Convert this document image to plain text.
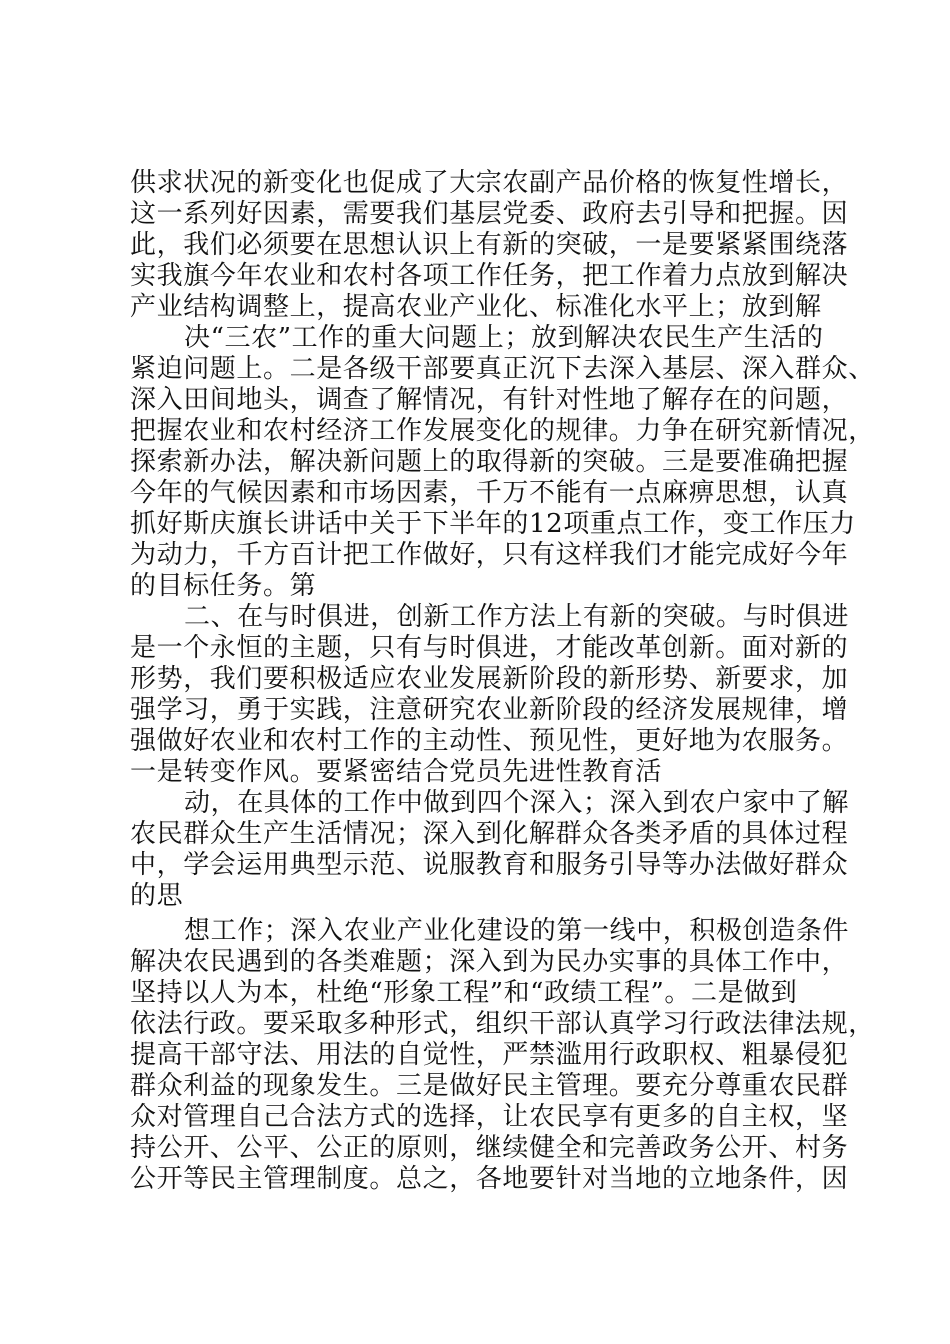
供求状况的新变化也促成了大宗农副产品价格的恢复性增长，
这一系列好因素，需要我们基层党委、政府去引导和把握。因
此，我们必须要在思想认识上有新的突破，一是要紧紧围绕落
实我旗今年农业和农村各项工作任务，把工作着力点放到解决
产业结构调整上，提高农业产业化、标准化水平上；放到解
决“三农”工作的重大问题上；放到解决农民生产生活的
紧迫问题上。二是各级干部要真正沉下去深入基层、深入群众、
深入田间地头，调查了解情况，有针对性地了解存在的问题，
把握农业和农村经济工作发展变化的规律。力争在研究新情况，
探索新办法，解决新问题上的取得新的突破。三是要准确把握
今年的气候因素和市场因素，千万不能有一点麻痹思想，认真
抓好斯庆旗长讲话中关于下半年的12项重点工作，变工作压力
为动力，千方百计把工作做好，只有这样我们才能完成好今年
的目标任务。第
二、在与时俱进，创新工作方法上有新的突破。与时俱进
是一个永恒的主题，只有与时俱进，才能改革创新。面对新的
形势，我们要积极适应农业发展新阶段的新形势、新要求，加
强学习，勇于实践，注意研究农业新阶段的经济发展规律，增
强做好农业和农村工作的主动性、预见性，更好地为农服务。
一是转变作风。要紧密结合党员先进性教育活
动，在具体的工作中做到四个深入；深入到农户家中了解
农民群众生产生活情况；深入到化解群众各类矛盾的具体过程
中，学会运用典型示范、说服教育和服务引导等办法做好群众
的思
想工作；深入农业产业化建设的第一线中，积极创造条件
解决农民遇到的各类难题；深入到为民办实事的具体工作中，
坚持以人为本，杜绝“形象工程”和“政绩工程”。二是做到
依法行政。要采取多种形式，组织干部认真学习行政法律法规，
提高干部守法、用法的自觉性，严禁滥用行政职权、粗暴侵犯
群众利益的现象发生。三是做好民主管理。要充分尊重农民群
众对管理自己合法方式的选择，让农民享有更多的自主权，坚
持公开、公平、公正的原则，继续健全和完善政务公开、村务
公开等民主管理制度。总之，各地要针对当地的立地条件，因
